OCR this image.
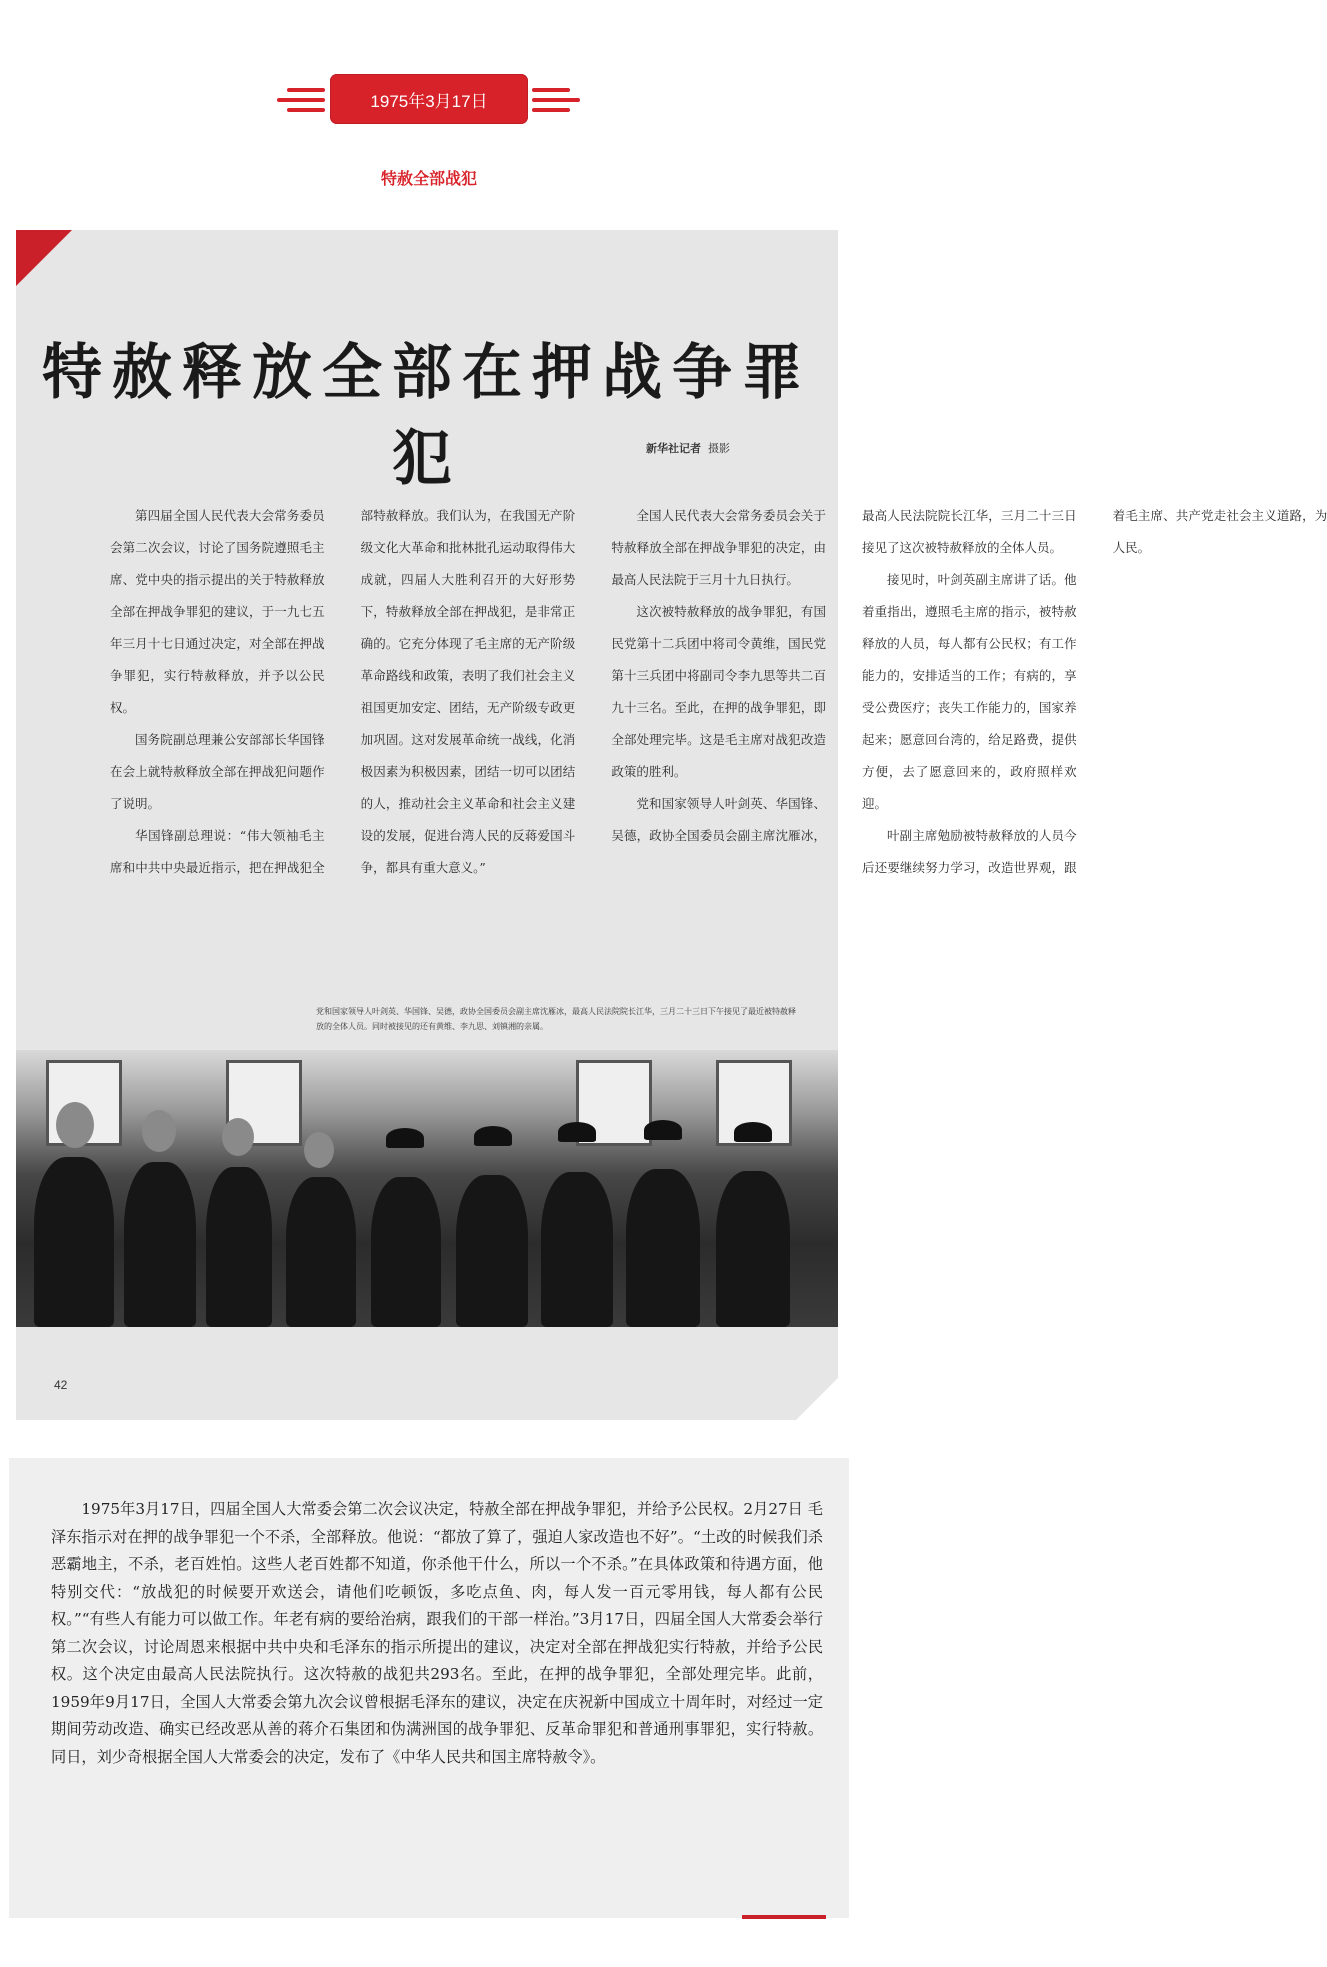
1975年3月17日
特赦全部战犯
特赦释放全部在押战争罪犯	新华社记者 摄影

第四届全国人民代表大会常务委员会第二次会议，讨论了国务院遵照毛主席、党中央的指示提出的关于特赦释放全部在押战争罪犯的建议，于一九七五年三月十七日通过决定，对全部在押战争罪犯，实行特赦释放，并予以公民权。

国务院副总理兼公安部部长华国锋在会上就特赦释放全部在押战犯问题作了说明。

华国锋副总理说：“伟大领袖毛主席和中共中央最近指示，把在押战犯全部特赦释放。我们认为，在我国无产阶级文化大革命和批林批孔运动取得伟大成就，四届人大胜利召开的大好形势下，特赦释放全部在押战犯，是非常正确的。它充分体现了毛主席的无产阶级革命路线和政策，表明了我们社会主义祖国更加安定、团结，无产阶级专政更加巩固。这对发展革命统一战线，化消极因素为积极因素，团结一切可以团结的人，推动社会主义革命和社会主义建设的发展，促进台湾人民的反蒋爱国斗争，都具有重大意义。”

全国人民代表大会常务委员会关于特赦释放全部在押战争罪犯的决定，由最高人民法院于三月十九日执行。

这次被特赦释放的战争罪犯，有国民党第十二兵团中将司令黄维，国民党第十三兵团中将副司令李九思等共二百九十三名。至此，在押的战争罪犯，即全部处理完毕。这是毛主席对战犯改造政策的胜利。

党和国家领导人叶剑英、华国锋、吴德，政协全国委员会副主席沈雁冰，最高人民法院院长江华，三月二十三日接见了这次被特赦释放的全体人员。

接见时，叶剑英副主席讲了话。他着重指出，遵照毛主席的指示，被特赦释放的人员，每人都有公民权；有工作能力的，安排适当的工作；有病的，享受公费医疗；丧失工作能力的，国家养起来；愿意回台湾的，给足路费，提供方便，去了愿意回来的，政府照样欢迎。

叶副主席勉励被特赦释放的人员今后还要继续努力学习，改造世界观，跟着毛主席、共产党走社会主义道路，为人民。

党和国家领导人叶剑英、华国锋、吴德，政协全国委员会副主席沈雁冰，最高人民法院院长江华，三月二十三日下午接见了最近被特赦释放的全体人员。同时被接见的还有黄维、李九思、刘镇湘的亲属。
42

1975年3月17日，四届全国人大常委会第二次会议决定，特赦全部在押战争罪犯，并给予公民权。2月27日 毛泽东指示对在押的战争罪犯一个不杀，全部释放。他说：“都放了算了，强迫人家改造也不好”。“土改的时候我们杀恶霸地主，不杀，老百姓怕。这些人老百姓都不知道，你杀他干什么，所以一个不杀。”在具体政策和待遇方面，他特别交代：“放战犯的时候要开欢送会，请他们吃顿饭，多吃点鱼、肉，每人发一百元零用钱，每人都有公民权。”“有些人有能力可以做工作。年老有病的要给治病，跟我们的干部一样治。”3月17日，四届全国人大常委会举行第二次会议，讨论周恩来根据中共中央和毛泽东的指示所提出的建议，决定对全部在押战犯实行特赦，并给予公民权。这个决定由最高人民法院执行。这次特赦的战犯共293名。至此，在押的战争罪犯，全部处理完毕。此前，1959年9月17日，全国人大常委会第九次会议曾根据毛泽东的建议，决定在庆祝新中国成立十周年时，对经过一定期间劳动改造、确实已经改恶从善的蒋介石集团和伪满洲国的战争罪犯、反革命罪犯和普通刑事罪犯，实行特赦。同日，刘少奇根据全国人大常委会的决定，发布了《中华人民共和国主席特赦令》。
